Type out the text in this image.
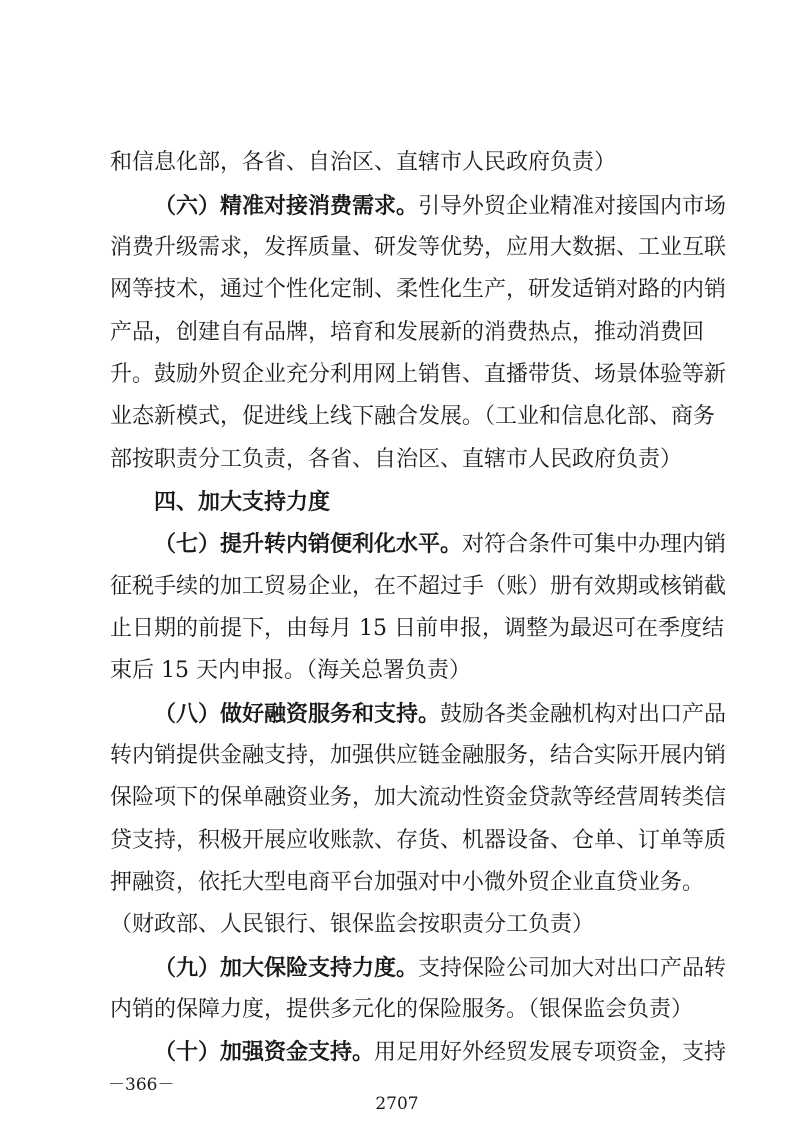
和信息化部，各省、自治区、直辖市人民政府负责）
（六）精准对接消费需求。引导外贸企业精准对接国内市场
消费升级需求，发挥质量、研发等优势，应用大数据、工业互联
网等技术，通过个性化定制、柔性化生产，研发适销对路的内销
产品，创建自有品牌，培育和发展新的消费热点，推动消费回
升。鼓励外贸企业充分利用网上销售、直播带货、场景体验等新
业态新模式，促进线上线下融合发展。（工业和信息化部、商务
部按职责分工负责，各省、自治区、直辖市人民政府负责）
四、加大支持力度
（七）提升转内销便利化水平。对符合条件可集中办理内销
征税手续的加工贸易企业，在不超过手（账）册有效期或核销截
止日期的前提下，由每月 15 日前申报，调整为最迟可在季度结
束后 15 天内申报。（海关总署负责）
（八）做好融资服务和支持。鼓励各类金融机构对出口产品
转内销提供金融支持，加强供应链金融服务，结合实际开展内销
保险项下的保单融资业务，加大流动性资金贷款等经营周转类信
贷支持，积极开展应收账款、存货、机器设备、仓单、订单等质
押融资，依托大型电商平台加强对中小微外贸企业直贷业务。
（财政部、人民银行、银保监会按职责分工负责）
（九）加大保险支持力度。支持保险公司加大对出口产品转
内销的保障力度，提供多元化的保险服务。（银保监会负责）
－366－
2707
（十）加强资金支持。用足用好外经贸发展专项资金，支持
